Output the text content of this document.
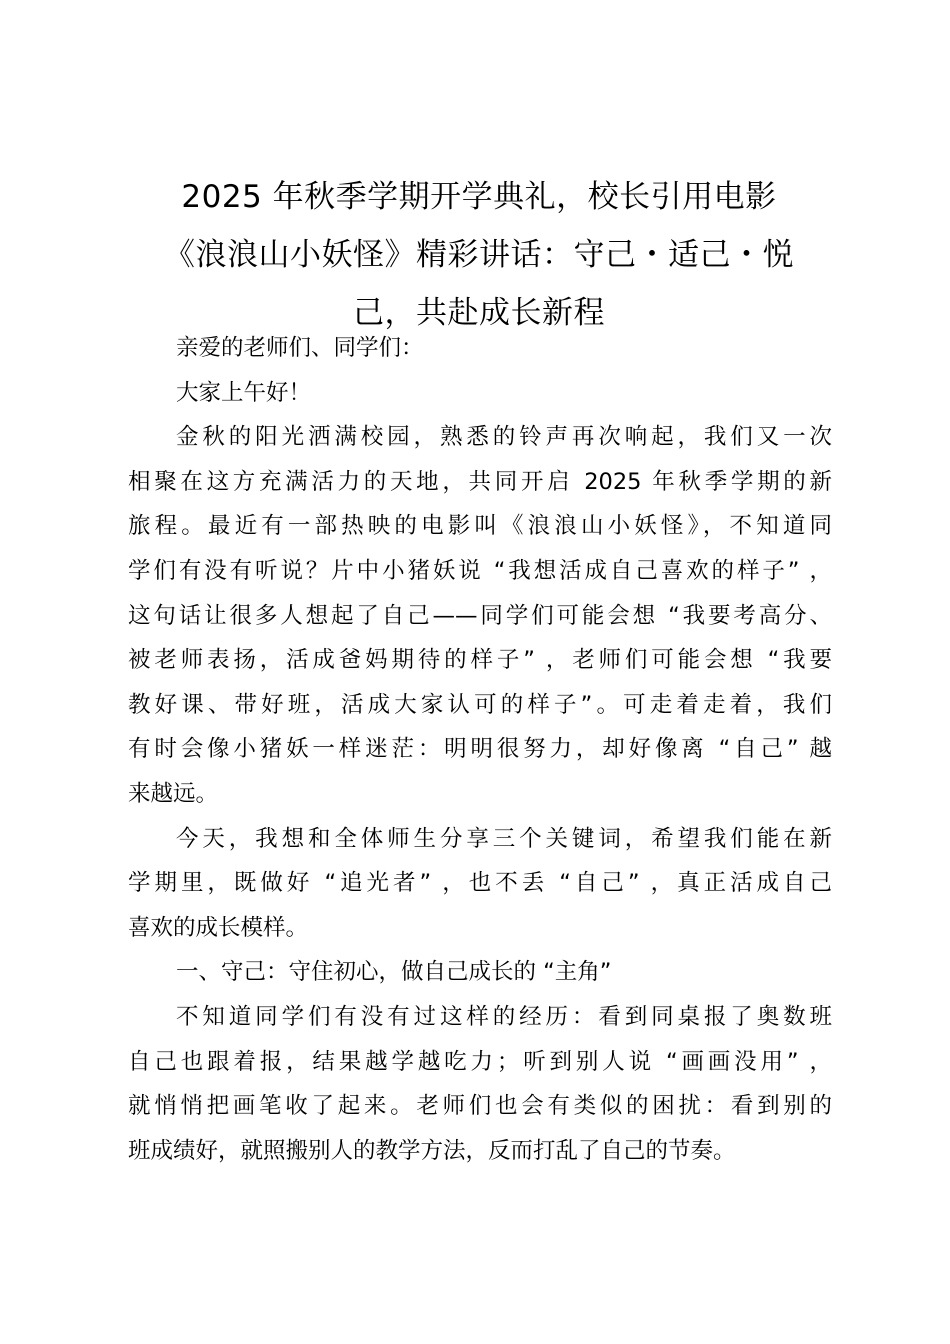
2025 年秋季学期开学典礼，校长引用电影
《浪浪山小妖怪》精彩讲话：守己・适己・悦
己，共赴成长新程

亲爱的老师们、同学们：

大家上午好！

金秋的阳光洒满校园，熟悉的铃声再次响起，我们又一次
相聚在这方充满活力的天地，共同开启 2025 年秋季学期的新
旅程。最近有一部热映的电影叫《浪浪山小妖怪》，不知道同
学们有没有听说？片中小猪妖说 “我想活成自己喜欢的样子” ，
这句话让很多人想起了自己——同学们可能会想 “我要考高分、
被老师表扬，活成爸妈期待的样子” ，老师们可能会想 “我要
教好课、带好班，活成大家认可的样子”。可走着走着，我们
有时会像小猪妖一样迷茫：明明很努力，却好像离 “自己” 越
来越远。

今天，我想和全体师生分享三个关键词，希望我们能在新
学期里，既做好 “追光者” ，也不丢 “自己” ，真正活成自己
喜欢的成长模样。

一、守己：守住初心，做自己成长的 “主角”

不知道同学们有没有过这样的经历：看到同桌报了奥数班
自己也跟着报，结果越学越吃力；听到别人说 “画画没用” ，
就悄悄把画笔收了起来。老师们也会有类似的困扰：看到别的
班成绩好，就照搬别人的教学方法，反而打乱了自己的节奏。
